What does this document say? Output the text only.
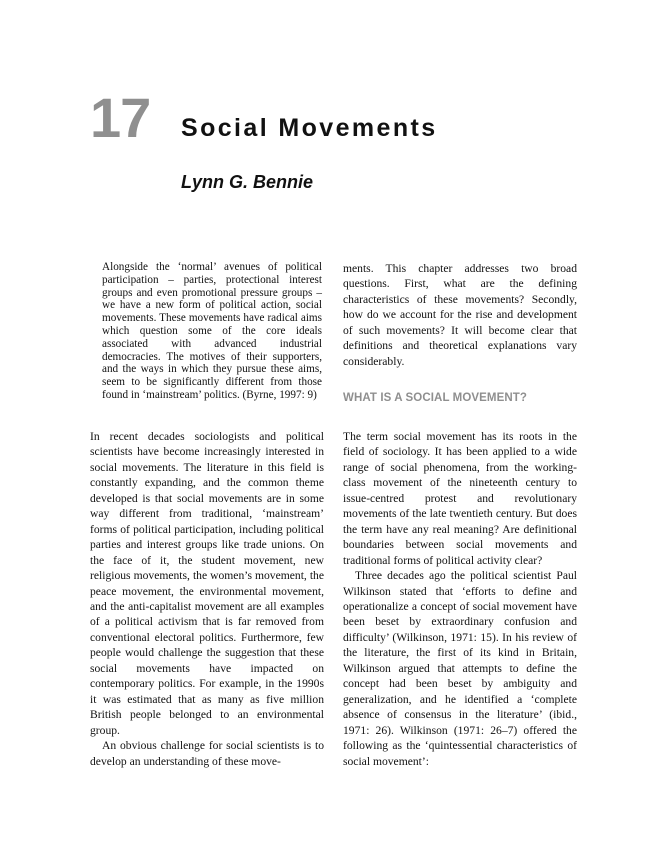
17 Social Movements
Lynn G. Bennie

Alongside the ‘normal’ avenues of political participation – parties, protectional interest groups and even promotional pressure groups – we have a new form of political action, social movements. These movements have radical aims which question some of the core ideals associated with advanced industrial democracies. The motives of their supporters, and the ways in which they pursue these aims, seem to be significantly different from those found in ‘mainstream’ politics. (Byrne, 1997: 9)

In recent decades sociologists and political scientists have become increasingly interested in social movements. The literature in this field is constantly expanding, and the common theme developed is that social movements are in some way different from traditional, ‘mainstream’ forms of political participation, including political parties and interest groups like trade unions. On the face of it, the student movement, new religious movements, the women’s movement, the peace movement, the environmental movement, and the anti-capitalist movement are all examples of a political activism that is far removed from conventional electoral politics. Furthermore, few people would challenge the suggestion that these social movements have impacted on contemporary politics. For example, in the 1990s it was estimated that as many as five million British people belonged to an environmental group.

An obvious challenge for social scientists is to develop an understanding of these move-

ments. This chapter addresses two broad questions. First, what are the defining characteristics of these movements? Secondly, how do we account for the rise and development of such movements? It will become clear that definitions and theoretical explanations vary considerably.

WHAT IS A SOCIAL MOVEMENT?

The term social movement has its roots in the field of sociology. It has been applied to a wide range of social phenomena, from the working-class movement of the nineteenth century to issue-centred protest and revolutionary movements of the late twentieth century. But does the term have any real meaning? Are definitional boundaries between social movements and traditional forms of political activity clear?

Three decades ago the political scientist Paul Wilkinson stated that ‘efforts to define and operationalize a concept of social movement have been beset by extraordinary confusion and difficulty’ (Wilkinson, 1971: 15). In his review of the literature, the first of its kind in Britain, Wilkinson argued that attempts to define the concept had been beset by ambiguity and generalization, and he identified a ‘complete absence of consensus in the literature’ (ibid., 1971: 26). Wilkinson (1971: 26–7) offered the following as the ‘quintessential characteristics of social movement’:
